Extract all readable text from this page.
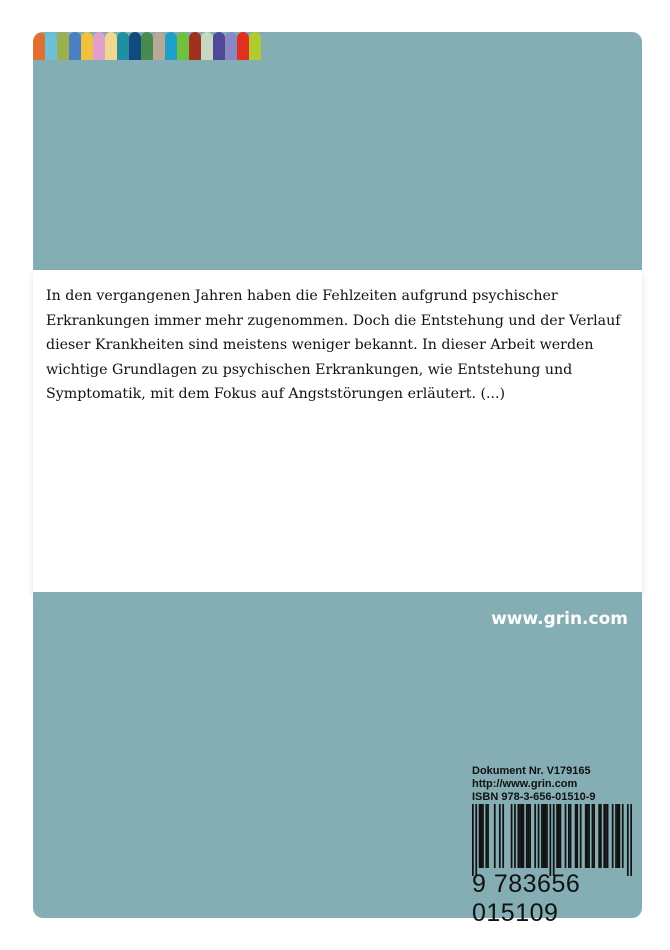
In den vergangenen Jahren haben die Fehlzeiten aufgrund psychischer Erkrankungen immer mehr zugenommen. Doch die Entstehung und der Verlauf dieser Krankheiten sind meistens weniger bekannt. In dieser Arbeit werden wichtige Grundlagen zu psychischen Erkrankungen, wie Entstehung und Symptomatik, mit dem Fokus auf Angststörungen erläutert. (...)
www.grin.com
Dokument Nr. V179165
http://www.grin.com
ISBN 978-3-656-01510-9
9 783656 015109
